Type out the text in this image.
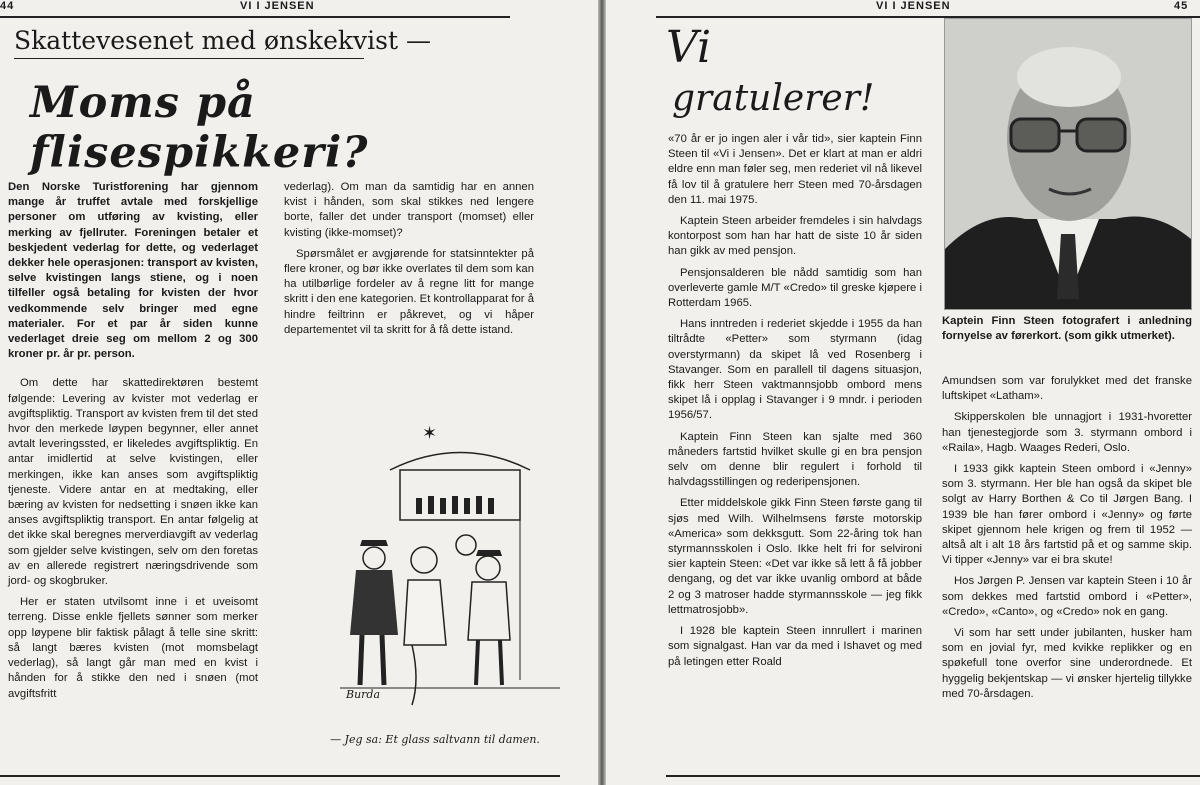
44	VI I JENSEN
Skattevesenet med ønskekvist —
Moms på flisespikkeri?

Den Norske Turistforening har gjennom mange år truffet avtale med forskjellige personer om utføring av kvisting, eller merking av fjellruter. Foreningen betaler et beskjedent vederlag for dette, og vederlaget dekker hele operasjonen: transport av kvisten, selve kvistingen langs stiene, og i noen tilfeller også betaling for kvisten der hvor vedkommende selv bringer med egne materialer. For et par år siden kunne vederlaget dreie seg om mellom 2 og 300 kroner pr. år pr. person.

Om dette har skattedirektøren bestemt følgende: Levering av kvister mot vederlag er avgiftspliktig. Transport av kvisten frem til det sted hvor den merkede løypen begynner, eller annet avtalt leveringssted, er likeledes avgiftspliktig. En antar imidlertid at selve kvistingen, eller merkingen, ikke kan anses som avgiftspliktig tjeneste. Videre antar en at medtaking, eller bæring av kvisten for nedsetting i snøen ikke kan anses avgiftspliktig transport. En antar følgelig at det ikke skal beregnes merverdiavgift av vederlag som gjelder selve kvistingen, selv om den foretas av en allerede registrert næringsdrivende som jord- og skogbruker.

Her er staten utvilsomt inne i et uveisomt terreng. Disse enkle fjellets sønner som merker opp løypene blir faktisk pålagt å telle sine skritt: så langt bæres kvisten (mot momsbelagt vederlag), så langt går man med en kvist i hånden for å stikke den ned i snøen (mot avgiftsfritt

vederlag). Om man da samtidig har en annen kvist i hånden, som skal stikkes ned lengere borte, faller det under transport (momset) eller kvisting (ikke-momset)?

Spørsmålet er avgjørende for statsinntekter på flere kroner, og bør ikke overlates til dem som kan ha utilbørlige fordeler av å regne litt for mange skritt i den ene kategorien. Et kontrollapparat for å hindre feiltrinn er påkrevet, og vi håper departementet vil ta skritt for å få dette istand.

✶
Burda
— Jeg sa: Et glass saltvann til damen.
VI I JENSEN	45
Vi
gratulerer!

«70 år er jo ingen aler i vår tid», sier kaptein Finn Steen til «Vi i Jensen». Det er klart at man er aldri eldre enn man føler seg, men rederiet vil nå likevel få lov til å gratulere herr Steen med 70-årsdagen den 11. mai 1975.

Kaptein Steen arbeider fremdeles i sin halvdags kontorpost som han har hatt de siste 10 år siden han gikk av med pensjon.

Pensjonsalderen ble nådd samtidig som han overleverte gamle M/T «Credo» til greske kjøpere i Rotterdam 1965.

Hans inntreden i rederiet skjedde i 1955 da han tiltrådte «Petter» som styrmann (idag overstyrmann) da skipet lå ved Rosenberg i Stavanger. Som en parallell til dagens situasjon, fikk herr Steen vaktmannsjobb ombord mens skipet lå i opplag i Stavanger i 9 mndr. i perioden 1956/57.

Kaptein Finn Steen kan sjalte med 360 måneders fartstid hvilket skulle gi en bra pensjon selv om denne blir regulert i forhold til halvdagsstillingen og rederipensjonen.

Etter middelskole gikk Finn Steen første gang til sjøs med Wilh. Wilhelmsens første motorskip «America» som dekksgutt. Som 22-åring tok han styrmannsskolen i Oslo. Ikke helt fri for selvironi sier kaptein Steen: «Det var ikke så lett å få jobber dengang, og det var ikke uvanlig ombord at både 2 og 3 matroser hadde styrmannsskole — jeg fikk lettmatrosjobb».

I 1928 ble kaptein Steen innrullert i marinen som signalgast. Han var da med i Ishavet og med på letingen etter Roald

Kaptein Finn Steen fotografert i anledning fornyelse av førerkort. (som gikk utmerket).

Amundsen som var forulykket med det franske luftskipet «Latham».

Skipperskolen ble unnagjort i 1931-hvoretter han tjenestegjorde som 3. styrmann ombord i «Raila», Hagb. Waages Rederi, Oslo.

I 1933 gikk kaptein Steen ombord i «Jenny» som 3. styrmann. Her ble han også da skipet ble solgt av Harry Borthen & Co til Jørgen Bang. I 1939 ble han fører ombord i «Jenny» og førte skipet gjennom hele krigen og frem til 1952 — altså alt i alt 18 års fartstid på et og samme skip. Vi tipper «Jenny» var ei bra skute!

Hos Jørgen P. Jensen var kaptein Steen i 10 år som dekkes med fartstid ombord i «Petter», «Credo», «Canto», og «Credo» nok en gang.

Vi som har sett under jubilanten, husker ham som en jovial fyr, med kvikke replikker og en spøkefull tone overfor sine underordnede. Et hyggelig bekjentskap — vi ønsker hjertelig tillykke med 70-årsdagen.
